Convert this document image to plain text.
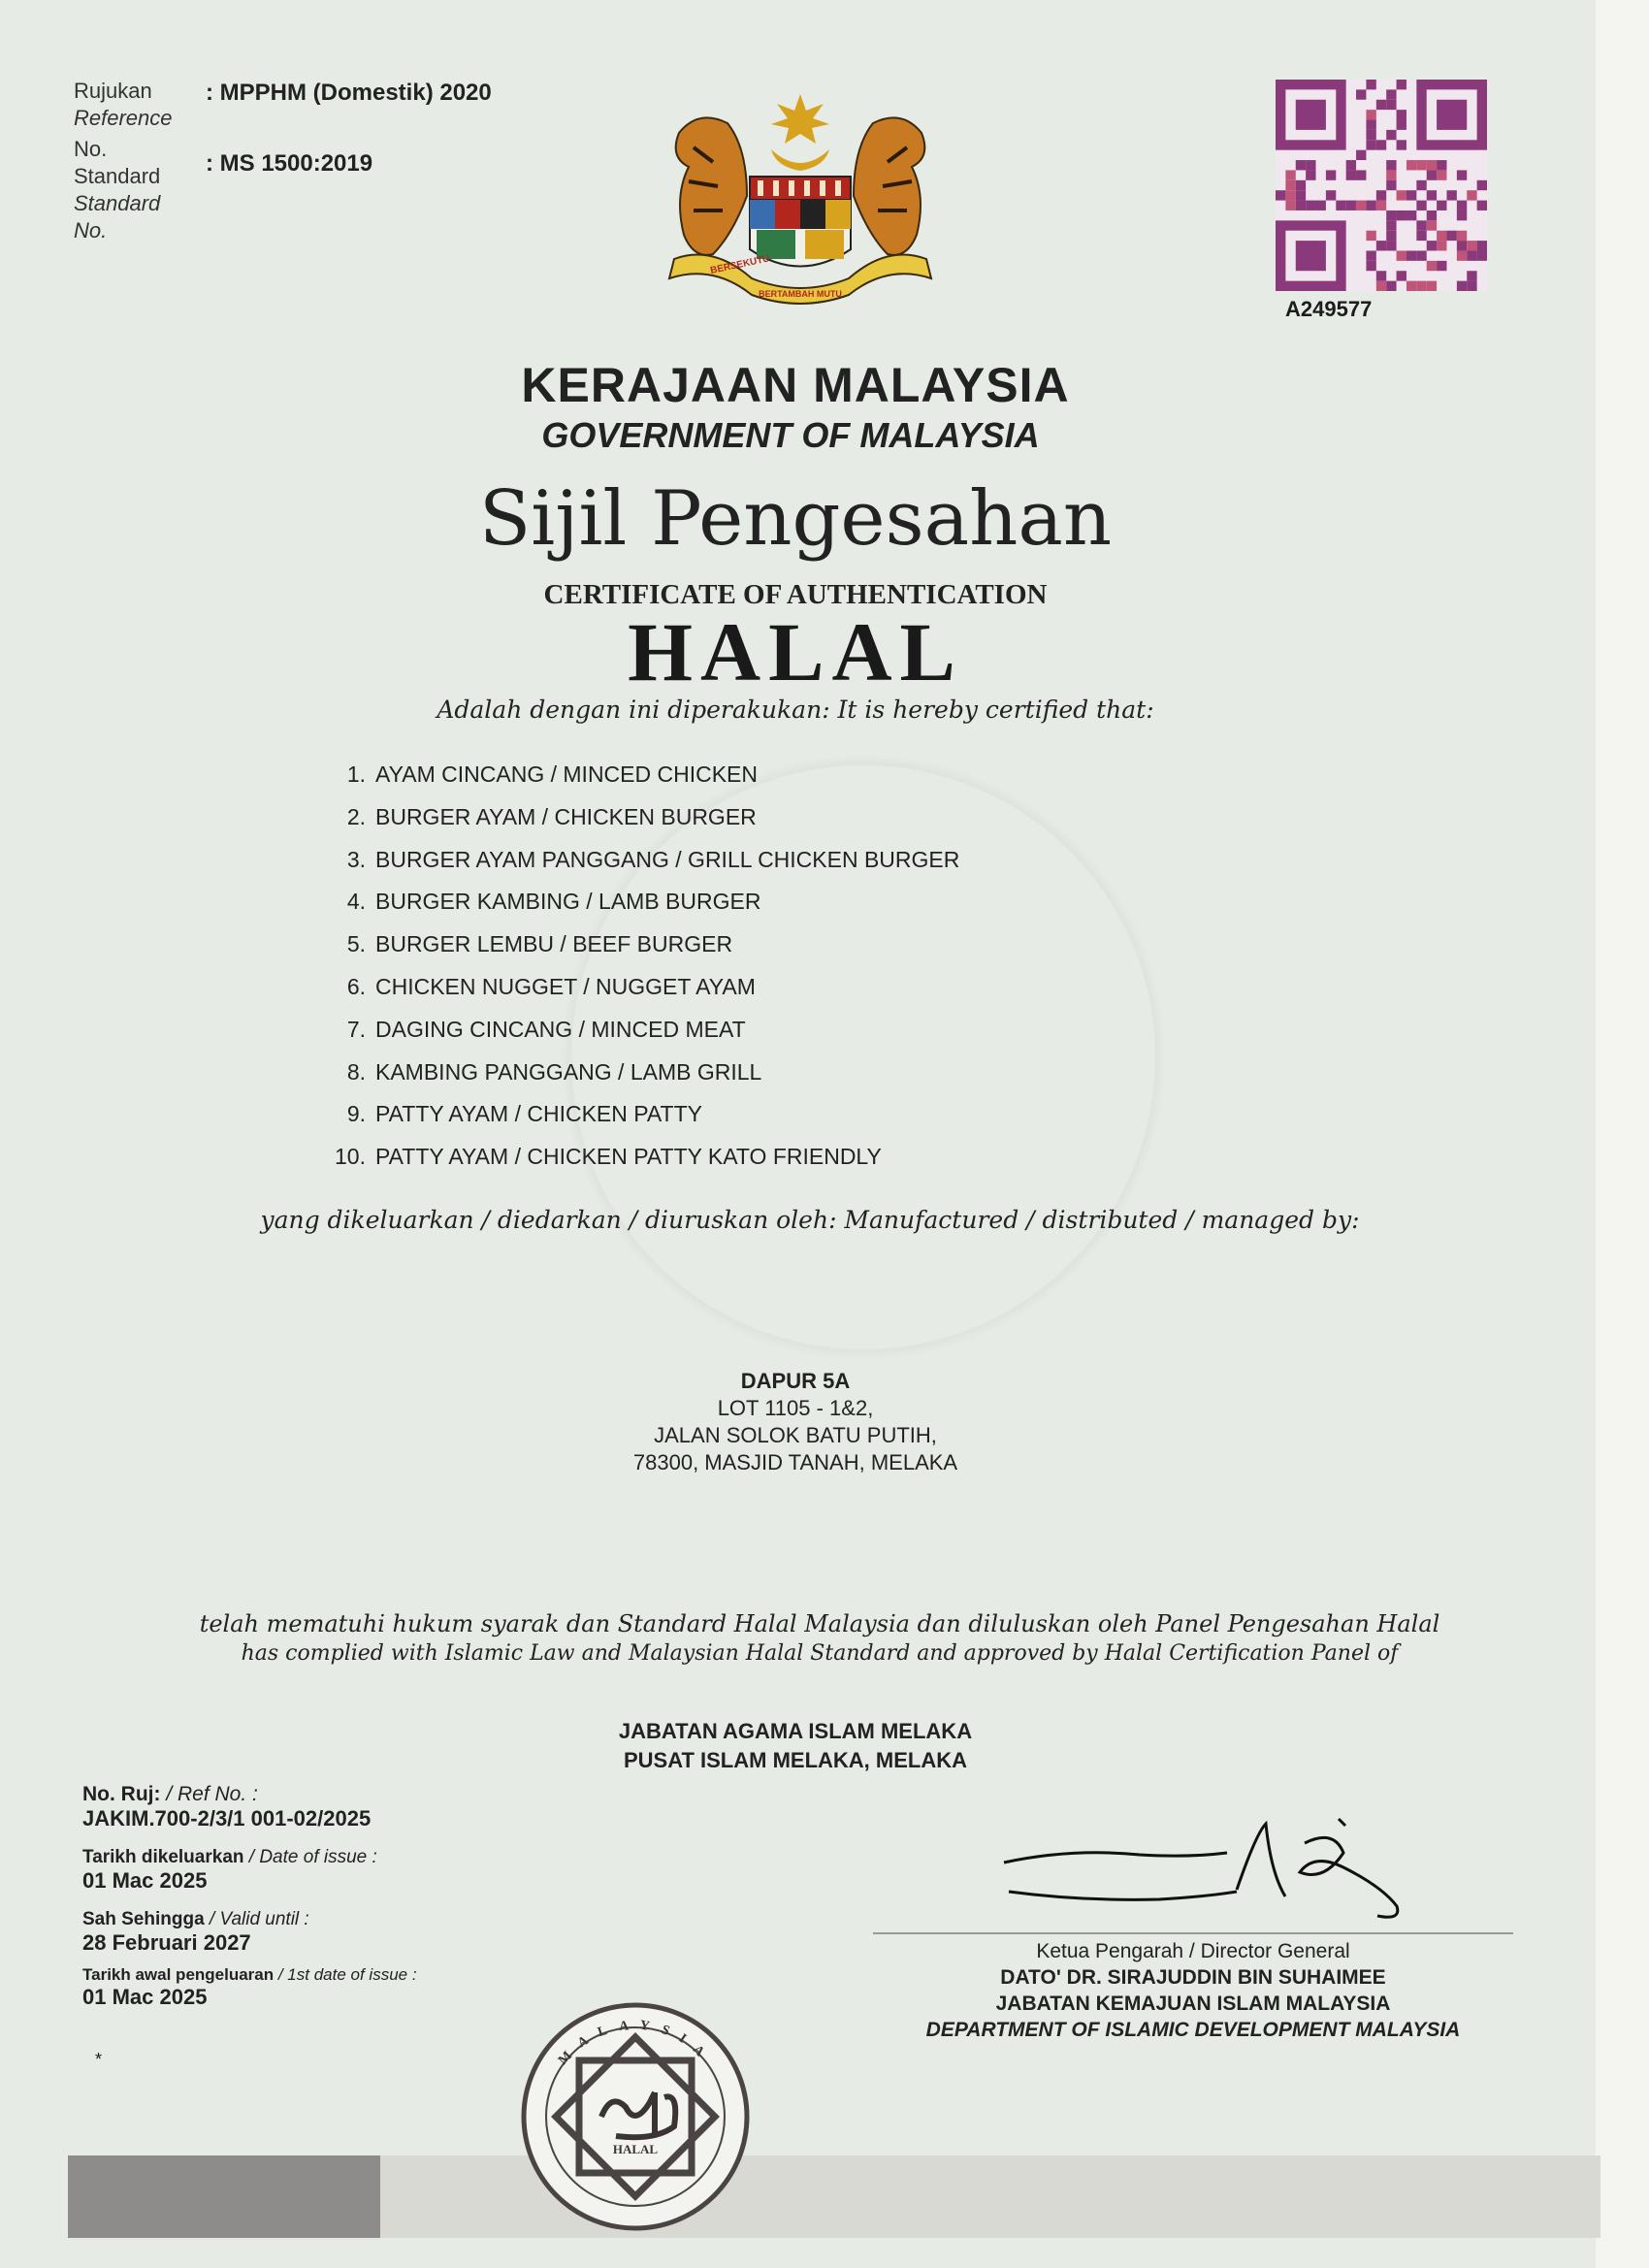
Rujukan
Reference
No.
Standard
Standard
No.
: MPPHM (Domestik) 2020
: MS 1500:2019
A249577
BERSEKUTU
BERTAMBAH MUTU
KERAJAAN MALAYSIA
GOVERNMENT OF MALAYSIA
Sijil Pengesahan
CERTIFICATE OF AUTHENTICATION
HALAL
Adalah dengan ini diperakukan: It is hereby certified that:
1. AYAM CINCANG / MINCED CHICKEN
2. BURGER AYAM / CHICKEN BURGER
3. BURGER AYAM PANGGANG / GRILL CHICKEN BURGER
4. BURGER KAMBING / LAMB BURGER
5. BURGER LEMBU / BEEF BURGER
6. CHICKEN NUGGET / NUGGET AYAM
7. DAGING CINCANG / MINCED MEAT
8. KAMBING PANGGANG / LAMB GRILL
9. PATTY AYAM / CHICKEN PATTY
10. PATTY AYAM / CHICKEN PATTY KATO FRIENDLY
yang dikeluarkan / diedarkan / diuruskan oleh: Manufactured / distributed / managed by:
DAPUR 5A
LOT 1105 - 1&2,
JALAN SOLOK BATU PUTIH,
78300, MASJID TANAH, MELAKA
telah mematuhi hukum syarak dan Standard Halal Malaysia dan diluluskan oleh Panel Pengesahan Halal
has complied with Islamic Law and Malaysian Halal Standard and approved by Halal Certification Panel of
JABATAN AGAMA ISLAM MELAKA
PUSAT ISLAM MELAKA, MELAKA
No. Ruj: / Ref No. :
JAKIM.700-2/3/1 001-02/2025
Tarikh dikeluarkan / Date of issue :
01 Mac 2025
Sah Sehingga / Valid until :
28 Februari 2027
Tarikh awal pengeluaran / 1st date of issue :
01 Mac 2025
*
Ketua Pengarah / Director General
DATO' DR. SIRAJUDDIN BIN SUHAIMEE
JABATAN KEMAJUAN ISLAM MALAYSIA
DEPARTMENT OF ISLAMIC DEVELOPMENT MALAYSIA
HALAL
MALAYSIA
